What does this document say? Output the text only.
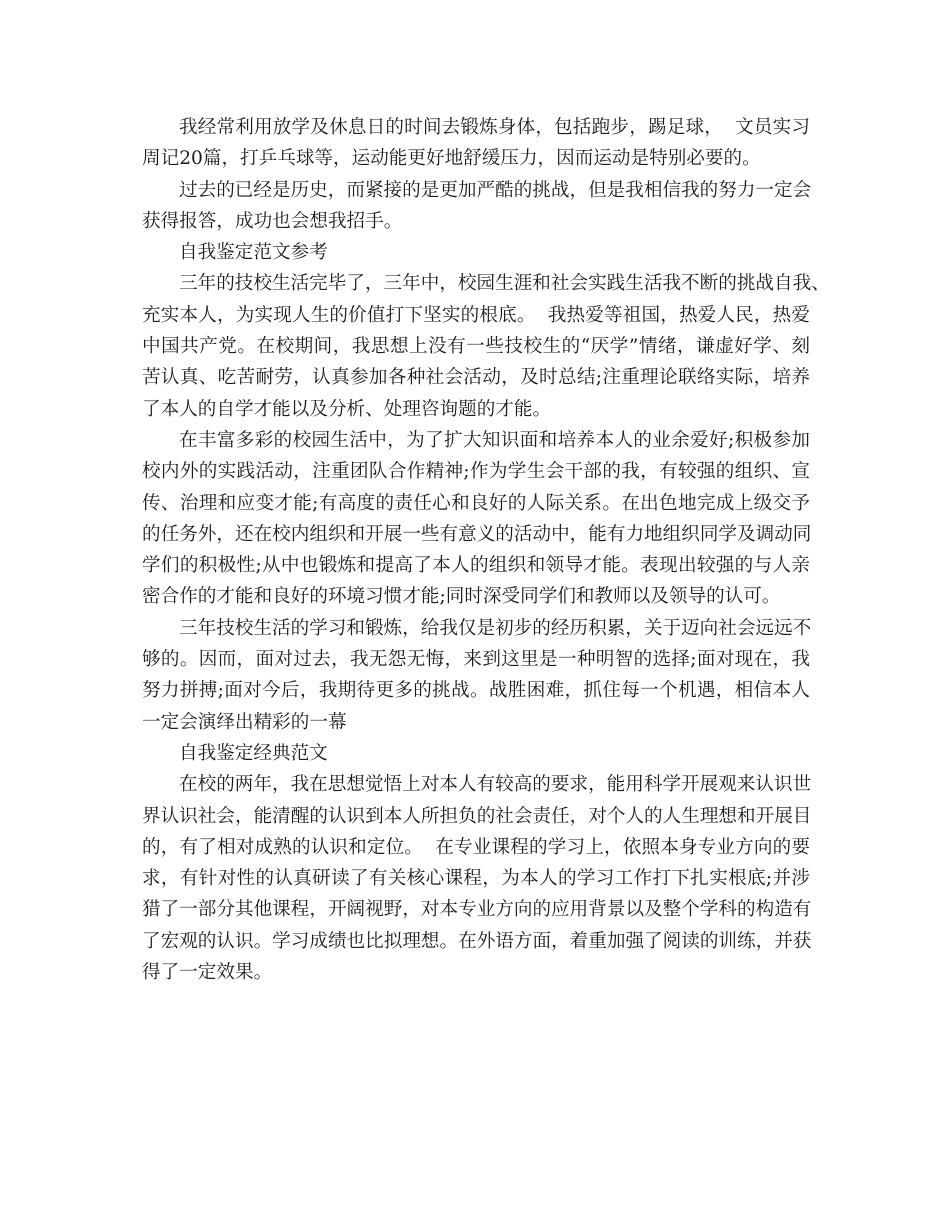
我经常利用放学及休息日的时间去锻炼身体，包括跑步，踢足球，  文员实习
周记20篇，打乒乓球等，运动能更好地舒缓压力，因而运动是特别必要的。
过去的已经是历史，而紧接的是更加严酷的挑战，但是我相信我的努力一定会
获得报答，成功也会想我招手。
自我鉴定范文参考
三年的技校生活完毕了，三年中，校园生涯和社会实践生活我不断的挑战自我、
充实本人，为实现人生的价值打下坚实的根底。  我热爱等祖国，热爱人民，热爱
中国共产党。在校期间，我思想上没有一些技校生的“厌学”情绪，谦虚好学、刻
苦认真、吃苦耐劳，认真参加各种社会活动，及时总结;注重理论联络实际，培养
了本人的自学才能以及分析、处理咨询题的才能。
在丰富多彩的校园生活中，为了扩大知识面和培养本人的业余爱好;积极参加
校内外的实践活动，注重团队合作精神;作为学生会干部的我，有较强的组织、宣
传、治理和应变才能;有高度的责任心和良好的人际关系。在出色地完成上级交予
的任务外，还在校内组织和开展一些有意义的活动中，能有力地组织同学及调动同
学们的积极性;从中也锻炼和提高了本人的组织和领导才能。表现出较强的与人亲
密合作的才能和良好的环境习惯才能;同时深受同学们和教师以及领导的认可。
三年技校生活的学习和锻炼，给我仅是初步的经历积累，关于迈向社会远远不
够的。因而，面对过去，我无怨无悔，来到这里是一种明智的选择;面对现在，我
努力拼搏;面对今后，我期待更多的挑战。战胜困难，抓住每一个机遇，相信本人
一定会演绎出精彩的一幕
自我鉴定经典范文
在校的两年，我在思想觉悟上对本人有较高的要求，能用科学开展观来认识世
界认识社会，能清醒的认识到本人所担负的社会责任，对个人的人生理想和开展目
的，有了相对成熟的认识和定位。  在专业课程的学习上，依照本身专业方向的要
求，有针对性的认真研读了有关核心课程，为本人的学习工作打下扎实根底;并涉
猎了一部分其他课程，开阔视野，对本专业方向的应用背景以及整个学科的构造有
了宏观的认识。学习成绩也比拟理想。在外语方面，着重加强了阅读的训练，并获
得了一定效果。
